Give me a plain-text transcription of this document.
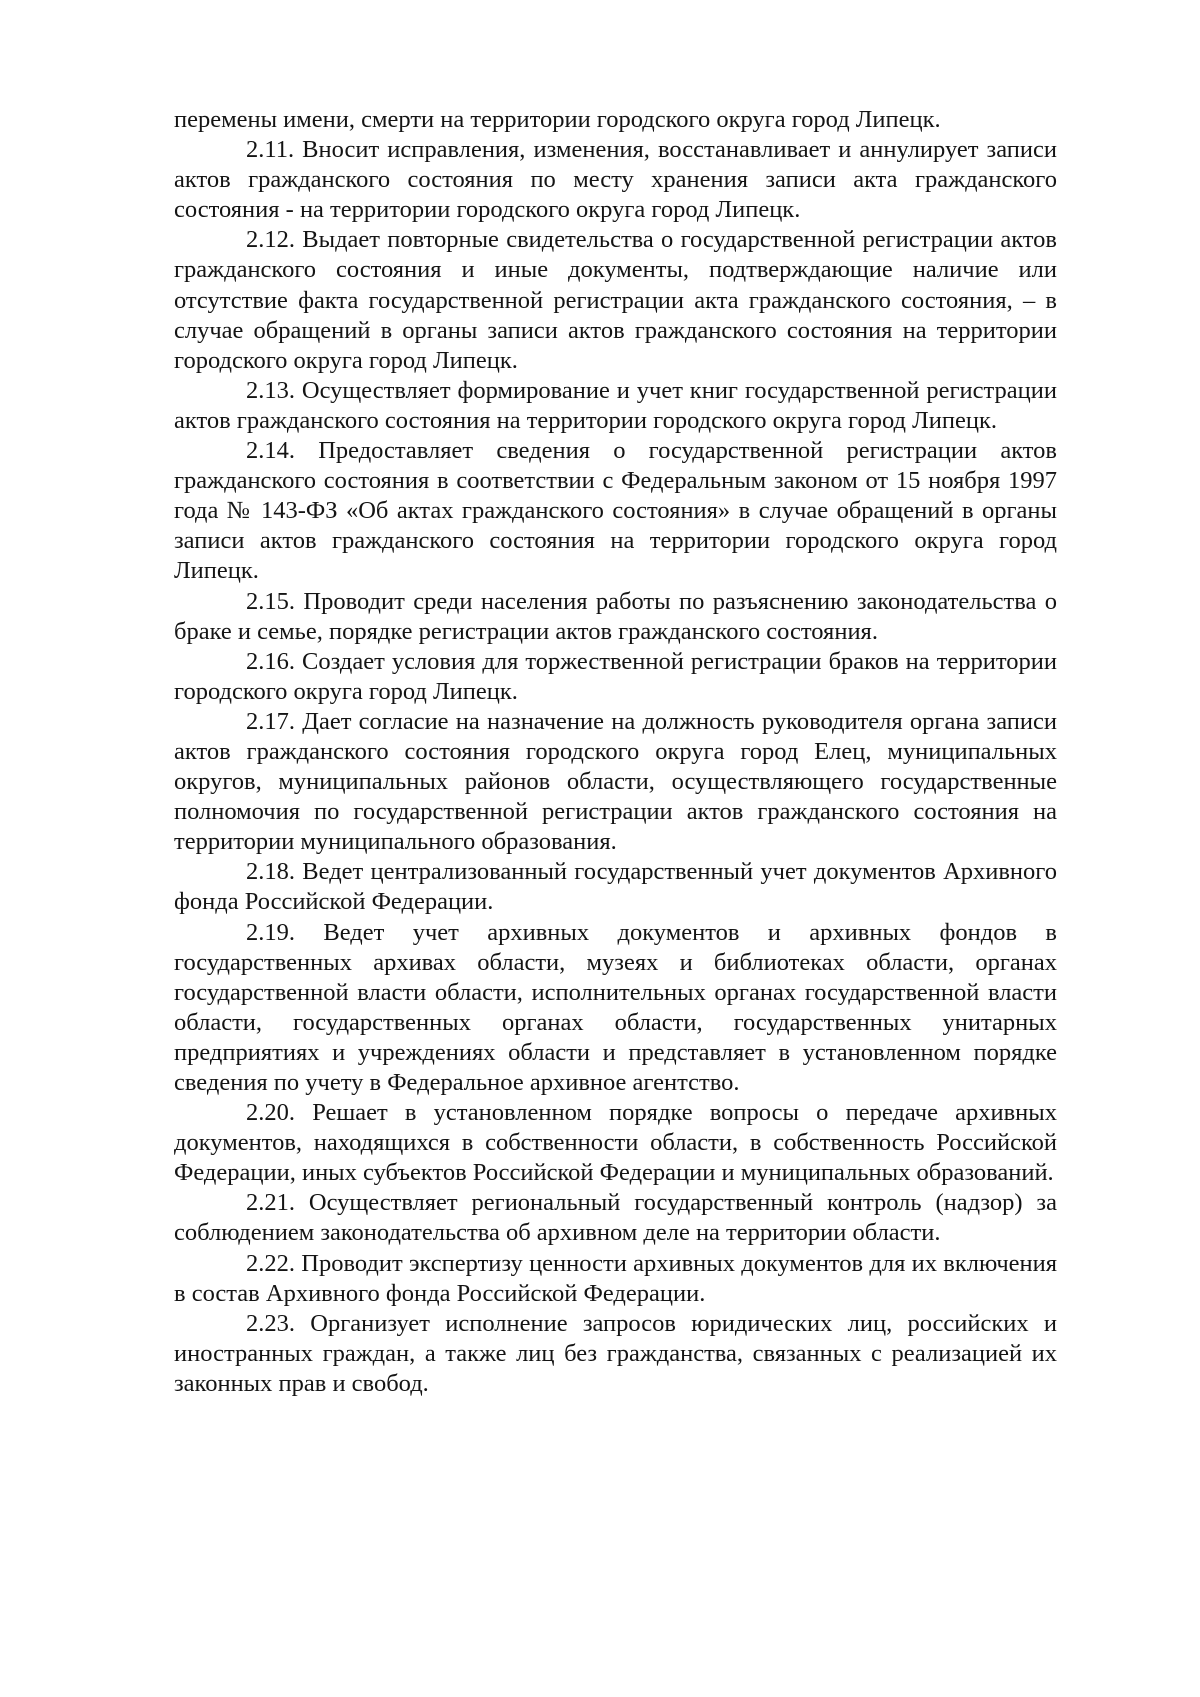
перемены имени, смерти на территории городского округа город Липецк.

2.11. Вносит исправления, изменения, восстанавливает и аннулирует записи актов гражданского состояния по месту хранения записи акта гражданского состояния - на территории городского округа город Липецк.

2.12. Выдает повторные свидетельства о государственной регистрации актов гражданского состояния и иные документы, подтверждающие наличие или отсутствие факта государственной регистрации акта гражданского состояния, – в случае обращений в органы записи актов гражданского состояния на территории городского округа город Липецк.

2.13. Осуществляет формирование и учет книг государственной регистрации актов гражданского состояния на территории городского округа город Липецк.

2.14. Предоставляет сведения о государственной регистрации актов гражданского состояния в соответствии с Федеральным законом от 15 ноября 1997 года № 143-ФЗ «Об актах гражданского состояния» в случае обращений в органы записи актов гражданского состояния на территории городского округа город Липецк.

2.15. Проводит среди населения работы по разъяснению законодательства о браке и семье, порядке регистрации актов гражданского состояния.

2.16. Создает условия для торжественной регистрации браков на территории городского округа город Липецк.

2.17. Дает согласие на назначение на должность руководителя органа записи актов гражданского состояния городского округа город Елец, муниципальных округов, муниципальных районов области, осуществляющего государственные полномочия по государственной регистрации актов гражданского состояния на территории муниципального образования.

2.18. Ведет централизованный государственный учет документов Архивного фонда Российской Федерации.

2.19. Ведет учет архивных документов и архивных фондов в государственных архивах области, музеях и библиотеках области, органах государственной власти области, исполнительных органах государственной власти области, государственных органах области, государственных унитарных предприятиях и учреждениях области и представляет в установленном порядке сведения по учету в Федеральное архивное агентство.

2.20. Решает в установленном порядке вопросы о передаче архивных документов, находящихся в собственности области, в собственность Российской Федерации, иных субъектов Российской Федерации и муниципальных образований.

2.21. Осуществляет региональный государственный контроль (надзор) за соблюдением законодательства об архивном деле на территории области.

2.22. Проводит экспертизу ценности архивных документов для их включения в состав Архивного фонда Российской Федерации.

2.23. Организует исполнение запросов юридических лиц, российских и иностранных граждан, а также лиц без гражданства, связанных с реализацией их законных прав и свобод.
